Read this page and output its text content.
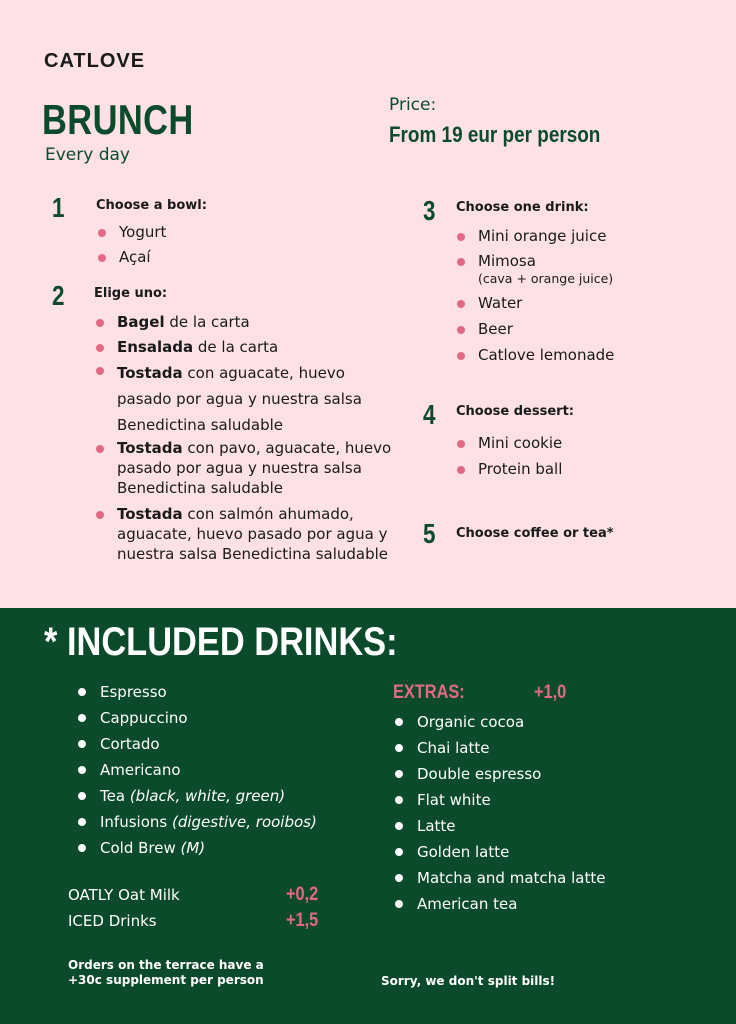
CATLOVE
BRUNCH
Every day
Price:
From 19 eur per person
1 Choose a bowl:
Yogurt
Açaí
2 Elige uno:
Bagel de la carta
Ensalada de la carta
Tostada con aguacate, huevo pasado por agua y nuestra salsa Benedictina saludable
Tostada con pavo, aguacate, huevo pasado por agua y nuestra salsa Benedictina saludable
Tostada con salmón ahumado, aguacate, huevo pasado por agua y nuestra salsa Benedictina saludable
3 Choose one drink:
Mini orange juice
Mimosa
(cava + orange juice)
Water
Beer
Catlove lemonade
4 Choose dessert:
Mini cookie
Protein ball
5 Choose coffee or tea*
* INCLUDED DRINKS:
Espresso
Cappuccino
Cortado
Americano
Tea (black, white, green)
Infusions (digestive, rooibos)
Cold Brew (M)
EXTRAS:	+1,0
Organic cocoa
Chai latte
Double espresso
Flat white
Latte
Golden latte
Matcha and matcha latte
American tea
OATLY Oat Milk	+0,2
ICED Drinks	+1,5
Orders on the terrace have a +30c supplement per person	Sorry, we don't split bills!
